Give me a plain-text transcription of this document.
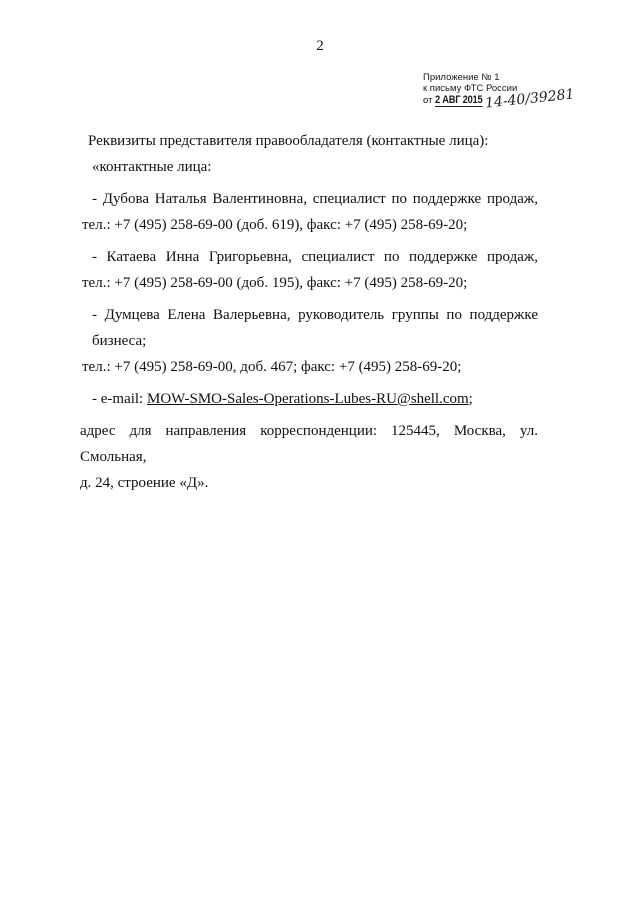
2
Приложение № 1
к письму ФТС России
от 2 АВГ 2015 14-40/39281

Реквизиты представителя правообладателя (контактные лица):

«контактные лица:

- Дубова Наталья Валентиновна, специалист по поддержке продаж,
тел.: +7 (495) 258-69-00 (доб. 619), факс: +7 (495) 258-69-20;

- Катаева Инна Григорьевна, специалист по поддержке продаж,
тел.: +7 (495) 258-69-00 (доб. 195), факс: +7 (495) 258-69-20;

- Думцева Елена Валерьевна, руководитель группы по поддержке бизнеса;
тел.: +7 (495) 258-69-00, доб. 467; факс: +7 (495) 258-69-20;

- e-mail: MOW-SMO-Sales-Operations-Lubes-RU@shell.com;

адрес для направления корреспонденции: 125445, Москва, ул. Смольная,
д. 24, строение «Д».
